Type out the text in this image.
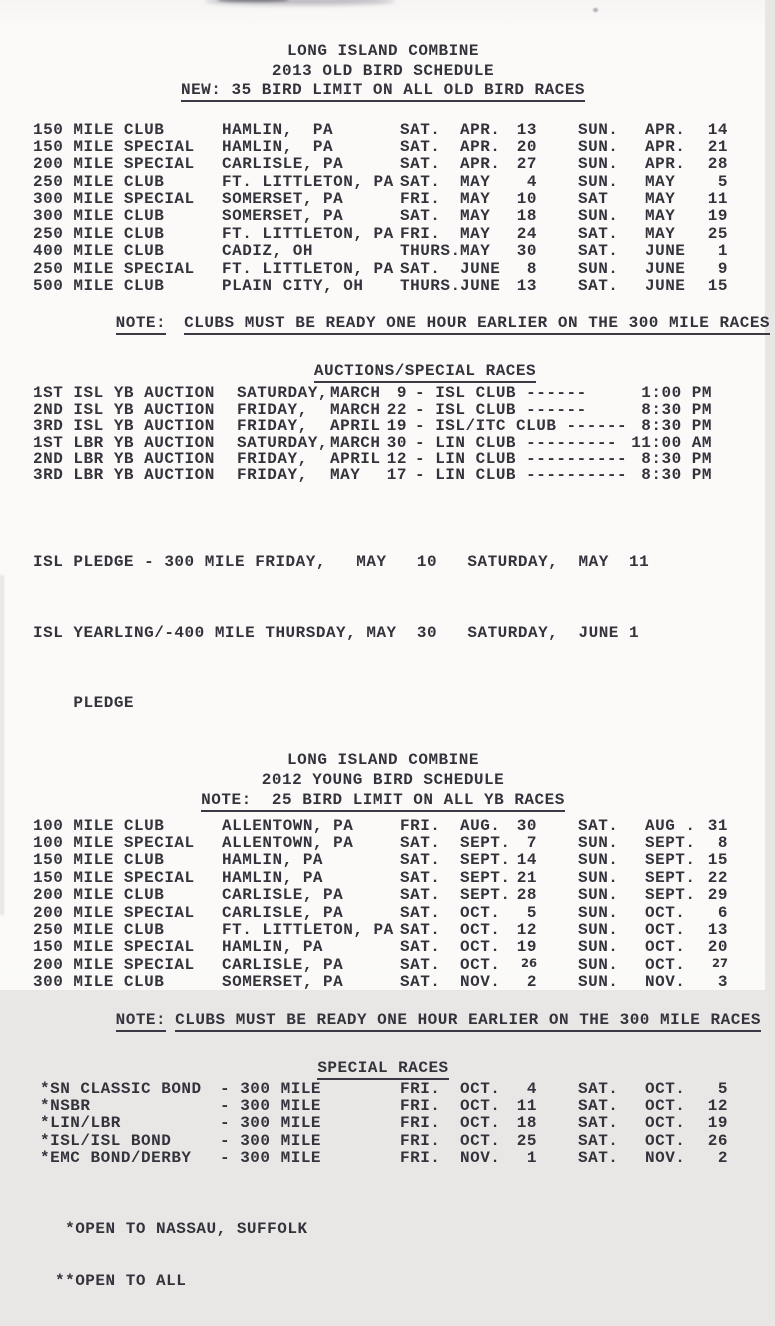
LONG ISLAND COMBINE
2013 OLD BIRD SCHEDULE
NEW: 35 BIRD LIMIT ON ALL OLD BIRD RACES
150 MILE CLUB	HAMLIN,  PA	SAT.	APR.	13	SUN.	APR.	14
150 MILE SPECIAL	HAMLIN,  PA	SAT.	APR.	20	SUN.	APR.	21
200 MILE SPECIAL	CARLISLE, PA	SAT.	APR.	27	SUN.	APR.	28
250 MILE CLUB	FT. LITTLETON, PA SAT.	MAY	4	SUN.	MAY	5
300 MILE SPECIAL	SOMERSET, PA	FRI.	MAY	10	SAT	MAY	11
300 MILE CLUB	SOMERSET, PA	SAT.	MAY	18	SUN.	MAY	19
250 MILE CLUB	FT. LITTLETON, PA FRI.	MAY	24	SAT.	MAY	25
400 MILE CLUB	CADIZ, OH	THURS. MAY	30	SAT.	JUNE	1
250 MILE SPECIAL	FT. LITTLETON, PA SAT.	JUNE	8	SUN.	JUNE	9
500 MILE CLUB	PLAIN CITY, OH	THURS. JUNE	13	SAT.	JUNE	15

NOTE: CLUBS MUST BE READY ONE HOUR EARLIER ON THE 300 MILE RACES

AUCTIONS/SPECIAL RACES
1ST ISL YB AUCTION	SATURDAY, MARCH	9 - ISL CLUB ------	1:00 PM
2ND ISL YB AUCTION	FRIDAY,	MARCH 22 - ISL CLUB ------	8:30 PM
3RD ISL YB AUCTION	FRIDAY,	APRIL 19 - ISL/ITC CLUB ------ 8:30 PM
1ST LBR YB AUCTION	SATURDAY, MARCH 30 - LIN CLUB --------- 11:00 AM
2ND LBR YB AUCTION	FRIDAY,	APRIL 12 - LIN CLUB ---------- 8:30 PM
3RD LBR YB AUCTION	FRIDAY,	MAY	17 - LIN CLUB ---------- 8:30 PM

ISL PLEDGE - 300 MILE FRIDAY,   MAY   10   SATURDAY,  MAY  11

ISL YEARLING/-400 MILE THURSDAY, MAY  30   SATURDAY,  JUNE 1

PLEDGE

LONG ISLAND COMBINE
2012 YOUNG BIRD SCHEDULE
NOTE:  25 BIRD LIMIT ON ALL YB RACES
100 MILE CLUB	ALLENTOWN, PA	FRI.	AUG.	30	SAT.	AUG . 31
100 MILE SPECIAL	ALLENTOWN, PA	SAT.	SEPT.	7	SUN.	SEPT.	8
150 MILE CLUB	HAMLIN, PA	SAT.	SEPT. 14	SUN.	SEPT. 15
150 MILE SPECIAL	HAMLIN, PA	SAT.	SEPT. 21	SUN.	SEPT. 22
200 MILE CLUB	CARLISLE, PA	SAT.	SEPT. 28	SUN.	SEPT. 29
200 MILE SPECIAL	CARLISLE, PA	SAT.	OCT.	5	SUN.	OCT.	6
250 MILE CLUB	FT. LITTLETON, PA SAT.	OCT.	12	SUN.	OCT.	13
150 MILE SPECIAL	HAMLIN, PA	SAT.	OCT.	19	SUN.	OCT.	20
200 MILE SPECIAL	CARLISLE, PA	SAT.	OCT.	26	SUN.	OCT.	27
300 MILE CLUB	SOMERSET, PA	SAT.	NOV.	2	SUN.	NOV.	3

NOTE: CLUBS MUST BE READY ONE HOUR EARLIER ON THE 300 MILE RACES

SPECIAL RACES
*SN CLASSIC BOND	- 300 MILE	FRI.	OCT.	4	SAT.	OCT.	5
*NSBR	- 300 MILE	FRI.	OCT.	11	SAT.	OCT.	12
*LIN/LBR	- 300 MILE	FRI.	OCT.	18	SAT.	OCT.	19
*ISL/ISL BOND	- 300 MILE	FRI.	OCT.	25	SAT.	OCT.	26
*EMC BOND/DERBY	- 300 MILE	FRI.	NOV.	1	SAT.	NOV.	2

*OPEN TO NASSAU, SUFFOLK

**OPEN TO ALL
